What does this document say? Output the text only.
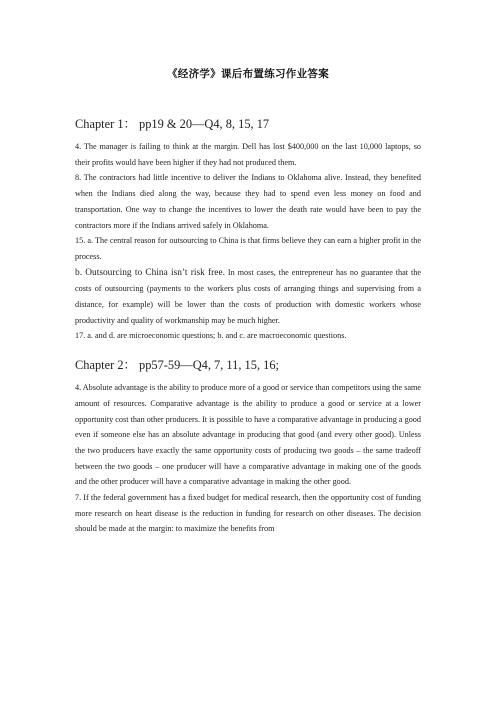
《经济学》课后布置练习作业答案
Chapter 1： pp19 & 20—Q4, 8, 15, 17

4. The manager is failing to think at the margin. Dell has lost $400,000 on the last 10,000 laptops, so their profits would have been higher if they had not produced them.

8. The contractors had little incentive to deliver the Indians to Oklahoma alive. Instead, they benefited when the Indians died along the way, because they had to spend even less money on food and transportation. One way to change the incentives to lower the death rate would have been to pay the contractors more if the Indians arrived safely in Oklahoma.

15. a. The central reason for outsourcing to China is that firms believe they can earn a higher profit in the process.

b. Outsourcing to China isn’t risk free. In most cases, the entrepreneur has no guarantee that the costs of outsourcing (payments to the workers plus costs of arranging things and supervising from a distance, for example) will be lower than the costs of production with domestic workers whose productivity and quality of workmanship may be much higher.

17. a. and d. are microeconomic questions; b. and c. are macroeconomic questions.

Chapter 2： pp57-59—Q4, 7, 11, 15, 16;

4. Absolute advantage is the ability to produce more of a good or service than competitors using the same amount of resources. Comparative advantage is the ability to produce a good or service at a lower opportunity cost than other producers. It is possible to have a comparative advantage in producing a good even if someone else has an absolute advantage in producing that good (and every other good). Unless the two producers have exactly the same opportunity costs of producing two goods – the same tradeoff between the two goods – one producer will have a comparative advantage in making one of the goods and the other producer will have a comparative advantage in making the other good.

7. If the federal government has a fixed budget for medical research, then the opportunity cost of funding more research on heart disease is the reduction in funding for research on other diseases. The decision should be made at the margin: to maximize the benefits from
